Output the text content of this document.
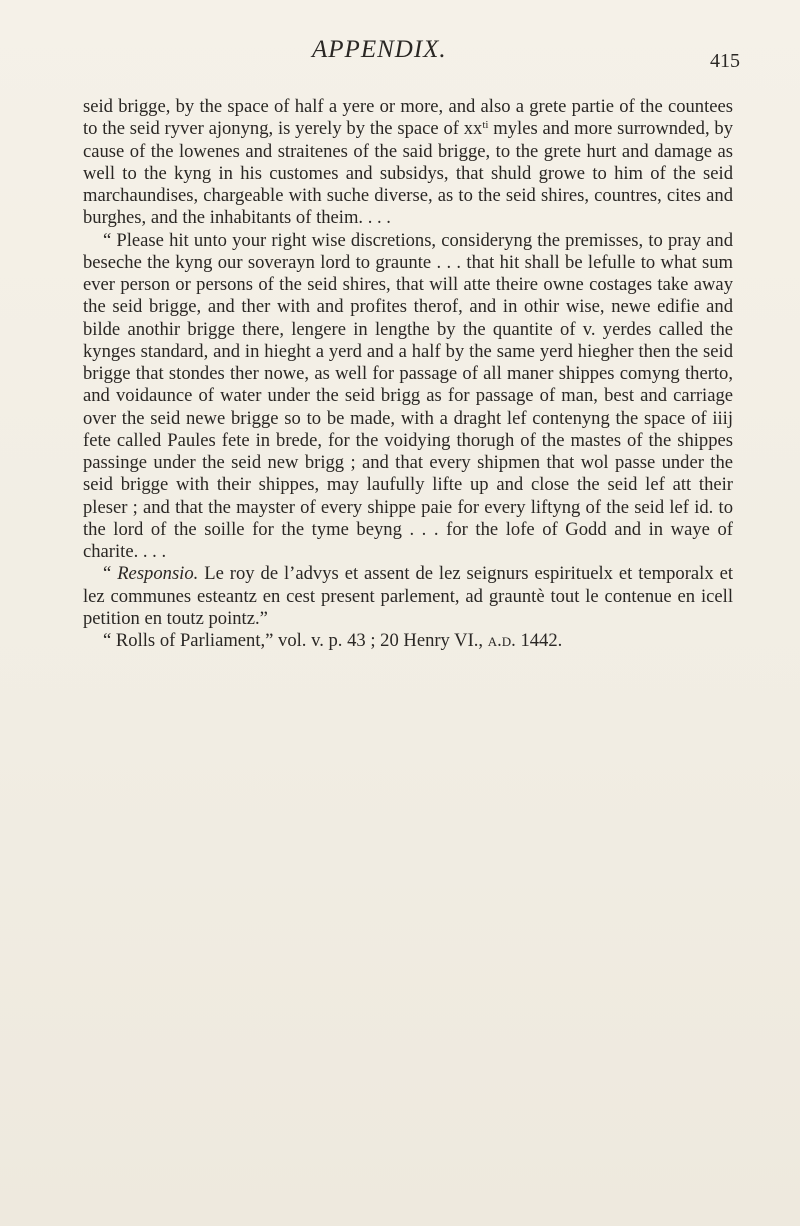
APPENDIX.	415

seid brigge, by the space of half a yere or more, and also a grete partie of the countees to the seid ryver ajonyng, is yerely by the space of $xx^{ti}$ myles and more surrownded, by cause of the lowenes and straitenes of the said brigge, to the grete hurt and damage as well to the kyng in his customes and subsidys, that shuld growe to him of the seid marchaundises, chargeable with suche diverse, as to the seid shires, countres, cites and burghes, and the inhabitants of theim. . . .

“ Please hit unto your right wise discretions, consideryng the premisses, to pray and beseche the kyng our soverayn lord to graunte . . . that hit shall be lefulle to what sum ever person or persons of the seid shires, that will atte theire owne costages take away the seid brigge, and ther with and profites therof, and in othir wise, newe edifie and bilde anothir brigge there, lengere in lengthe by the quantite of v. yerdes called the kynges standard, and in hieght a yerd and a half by the same yerd hiegher then the seid brigge that stondes ther nowe, as well for passage of all maner shippes comyng therto, and voidaunce of water under the seid brigg as for passage of man, best and carriage over the seid newe brigge so to be made, with a draght lef contenyng the space of iiij fete called Paules fete in brede, for the voidying thorugh of the mastes of the shippes passinge under the seid new brigg ; and that every shipmen that wol passe under the seid brigge with their shippes, may laufully lifte up and close the seid lef att their pleser ; and that the mayster of every shippe paie for every liftyng of the seid lef id. to the lord of the soille for the tyme beyng . . . for the lofe of Godd and in waye of charite. . . .

“ Responsio. Le roy de l’advys et assent de lez seignurs espirituelx et temporalx et lez communes esteantz en cest present parlement, ad grauntè tout le contenue en icell petition en toutz pointz.”

“ Rolls of Parliament,” vol. v. p. 43 ; 20 Henry VI., a.d. 1442.
